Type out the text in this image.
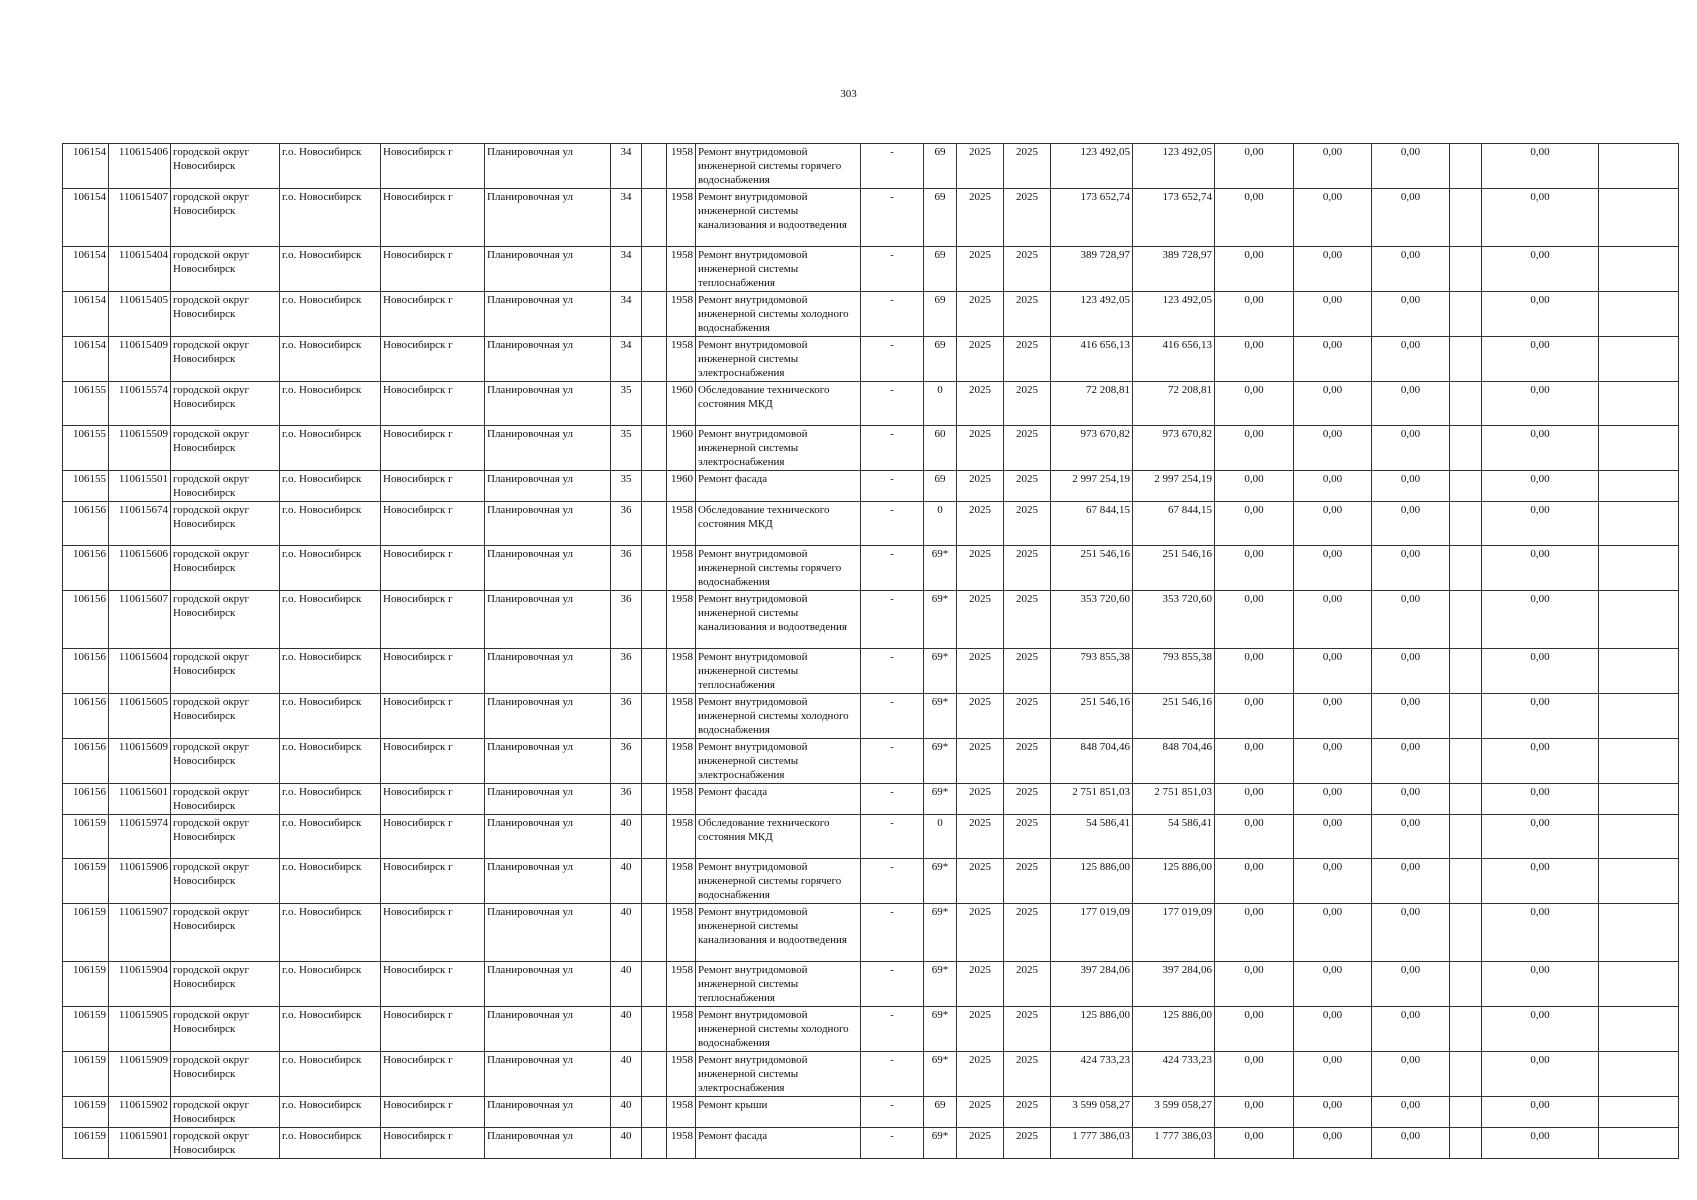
303
106154	110615406	городской округ Новосибирск	г.о. Новосибирск	Новосибирск г	Планировочная ул	34		1958	Ремонт внутридомовой инженерной системы горячего водоснабжения	-	69	2025	2025	123 492,05	123 492,05	0,00	0,00	0,00		0,00	
106154	110615407	городской округ Новосибирск	г.о. Новосибирск	Новосибирск г	Планировочная ул	34		1958	Ремонт внутридомовой инженерной системы канализования и водоотведения	-	69	2025	2025	173 652,74	173 652,74	0,00	0,00	0,00		0,00	
106154	110615404	городской округ Новосибирск	г.о. Новосибирск	Новосибирск г	Планировочная ул	34		1958	Ремонт внутридомовой инженерной системы теплоснабжения	-	69	2025	2025	389 728,97	389 728,97	0,00	0,00	0,00		0,00	
106154	110615405	городской округ Новосибирск	г.о. Новосибирск	Новосибирск г	Планировочная ул	34		1958	Ремонт внутридомовой инженерной системы холодного водоснабжения	-	69	2025	2025	123 492,05	123 492,05	0,00	0,00	0,00		0,00	
106154	110615409	городской округ Новосибирск	г.о. Новосибирск	Новосибирск г	Планировочная ул	34		1958	Ремонт внутридомовой инженерной системы электроснабжения	-	69	2025	2025	416 656,13	416 656,13	0,00	0,00	0,00		0,00	
106155	110615574	городской округ Новосибирск	г.о. Новосибирск	Новосибирск г	Планировочная ул	35		1960	Обследование технического состояния МКД	-	0	2025	2025	72 208,81	72 208,81	0,00	0,00	0,00		0,00	
106155	110615509	городской округ Новосибирск	г.о. Новосибирск	Новосибирск г	Планировочная ул	35		1960	Ремонт внутридомовой инженерной системы электроснабжения	-	60	2025	2025	973 670,82	973 670,82	0,00	0,00	0,00		0,00	
106155	110615501	городской округ Новосибирск	г.о. Новосибирск	Новосибирск г	Планировочная ул	35		1960	Ремонт фасада	-	69	2025	2025	2 997 254,19	2 997 254,19	0,00	0,00	0,00		0,00	
106156	110615674	городской округ Новосибирск	г.о. Новосибирск	Новосибирск г	Планировочная ул	36		1958	Обследование технического состояния МКД	-	0	2025	2025	67 844,15	67 844,15	0,00	0,00	0,00		0,00	
106156	110615606	городской округ Новосибирск	г.о. Новосибирск	Новосибирск г	Планировочная ул	36		1958	Ремонт внутридомовой инженерной системы горячего водоснабжения	-	69*	2025	2025	251 546,16	251 546,16	0,00	0,00	0,00		0,00	
106156	110615607	городской округ Новосибирск	г.о. Новосибирск	Новосибирск г	Планировочная ул	36		1958	Ремонт внутридомовой инженерной системы канализования и водоотведения	-	69*	2025	2025	353 720,60	353 720,60	0,00	0,00	0,00		0,00	
106156	110615604	городской округ Новосибирск	г.о. Новосибирск	Новосибирск г	Планировочная ул	36		1958	Ремонт внутридомовой инженерной системы теплоснабжения	-	69*	2025	2025	793 855,38	793 855,38	0,00	0,00	0,00		0,00	
106156	110615605	городской округ Новосибирск	г.о. Новосибирск	Новосибирск г	Планировочная ул	36		1958	Ремонт внутридомовой инженерной системы холодного водоснабжения	-	69*	2025	2025	251 546,16	251 546,16	0,00	0,00	0,00		0,00	
106156	110615609	городской округ Новосибирск	г.о. Новосибирск	Новосибирск г	Планировочная ул	36		1958	Ремонт внутридомовой инженерной системы электроснабжения	-	69*	2025	2025	848 704,46	848 704,46	0,00	0,00	0,00		0,00	
106156	110615601	городской округ Новосибирск	г.о. Новосибирск	Новосибирск г	Планировочная ул	36		1958	Ремонт фасада	-	69*	2025	2025	2 751 851,03	2 751 851,03	0,00	0,00	0,00		0,00	
106159	110615974	городской округ Новосибирск	г.о. Новосибирск	Новосибирск г	Планировочная ул	40		1958	Обследование технического состояния МКД	-	0	2025	2025	54 586,41	54 586,41	0,00	0,00	0,00		0,00	
106159	110615906	городской округ Новосибирск	г.о. Новосибирск	Новосибирск г	Планировочная ул	40		1958	Ремонт внутридомовой инженерной системы горячего водоснабжения	-	69*	2025	2025	125 886,00	125 886,00	0,00	0,00	0,00		0,00	
106159	110615907	городской округ Новосибирск	г.о. Новосибирск	Новосибирск г	Планировочная ул	40		1958	Ремонт внутридомовой инженерной системы канализования и водоотведения	-	69*	2025	2025	177 019,09	177 019,09	0,00	0,00	0,00		0,00	
106159	110615904	городской округ Новосибирск	г.о. Новосибирск	Новосибирск г	Планировочная ул	40		1958	Ремонт внутридомовой инженерной системы теплоснабжения	-	69*	2025	2025	397 284,06	397 284,06	0,00	0,00	0,00		0,00	
106159	110615905	городской округ Новосибирск	г.о. Новосибирск	Новосибирск г	Планировочная ул	40		1958	Ремонт внутридомовой инженерной системы холодного водоснабжения	-	69*	2025	2025	125 886,00	125 886,00	0,00	0,00	0,00		0,00	
106159	110615909	городской округ Новосибирск	г.о. Новосибирск	Новосибирск г	Планировочная ул	40		1958	Ремонт внутридомовой инженерной системы электроснабжения	-	69*	2025	2025	424 733,23	424 733,23	0,00	0,00	0,00		0,00	
106159	110615902	городской округ Новосибирск	г.о. Новосибирск	Новосибирск г	Планировочная ул	40		1958	Ремонт крыши	-	69	2025	2025	3 599 058,27	3 599 058,27	0,00	0,00	0,00		0,00	
106159	110615901	городской округ Новосибирск	г.о. Новосибирск	Новосибирск г	Планировочная ул	40		1958	Ремонт фасада	-	69*	2025	2025	1 777 386,03	1 777 386,03	0,00	0,00	0,00		0,00	
